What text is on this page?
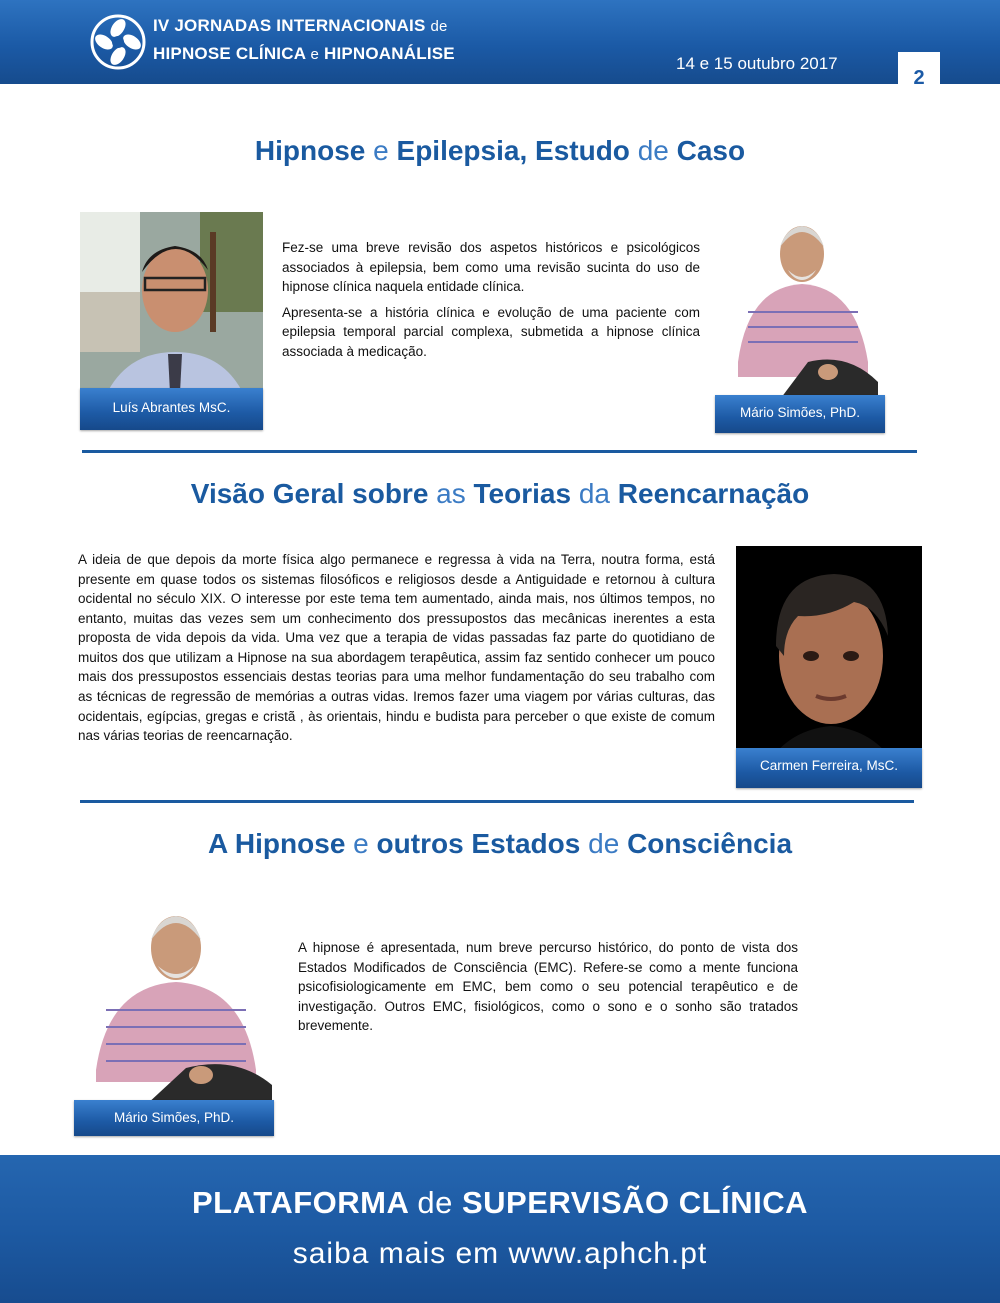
IV JORNADAS INTERNACIONAIS de
HIPNOSE CLÍNICA e HIPNOANÁLISE
14 e 15 outubro 2017
2
Hipnose e Epilepsia, Estudo de Caso
Luís Abrantes MsC.

Fez-se uma breve revisão dos aspetos históricos e psicológicos associados à epilepsia, bem como uma revisão sucinta do uso de hipnose clínica naquela entidade clínica.

Apresenta-se a história clínica e evolução de uma paciente com epilepsia temporal parcial complexa, submetida a hipnose clínica associada à medicação.

Mário Simões, PhD.
Visão Geral sobre as Teorias da Reencarnação

A ideia de que depois da morte física algo permanece e regressa à vida na Terra, noutra forma, está presente em quase todos os sistemas filosóficos e religiosos desde a Antiguidade e retornou à cultura ocidental no século XIX. O interesse por este tema tem aumentado, ainda mais, nos últimos tempos, no entanto, muitas das vezes sem um conhecimento dos pressupostos das mecânicas inerentes a esta proposta de vida depois da vida. Uma vez que a terapia de vidas passadas faz parte do quotidiano de muitos dos que utilizam a Hipnose na sua abordagem terapêutica, assim faz sentido conhecer um pouco mais dos pressupostos essenciais destas teorias para uma melhor fundamentação do seu trabalho com as técnicas de regressão de memórias a outras vidas. Iremos fazer uma viagem por várias culturas, das ocidentais, egípcias, gregas e cristã , às orientais, hindu e budista para perceber o que existe de comum nas várias teorias de reencarnação.

Carmen Ferreira, MsC.
A Hipnose e outros Estados de Consciência
Mário Simões, PhD.

A hipnose é apresentada, num breve percurso histórico, do ponto de vista dos Estados Modificados de Consciência (EMC). Refere-se como a mente funciona psicofisiologicamente em EMC, bem como o seu potencial terapêutico e de investigação. Outros EMC, fisiológicos, como o sono e o sonho são tratados brevemente.

PLATAFORMA de SUPERVISÃO CLÍNICA
saiba mais em www.aphch.pt
